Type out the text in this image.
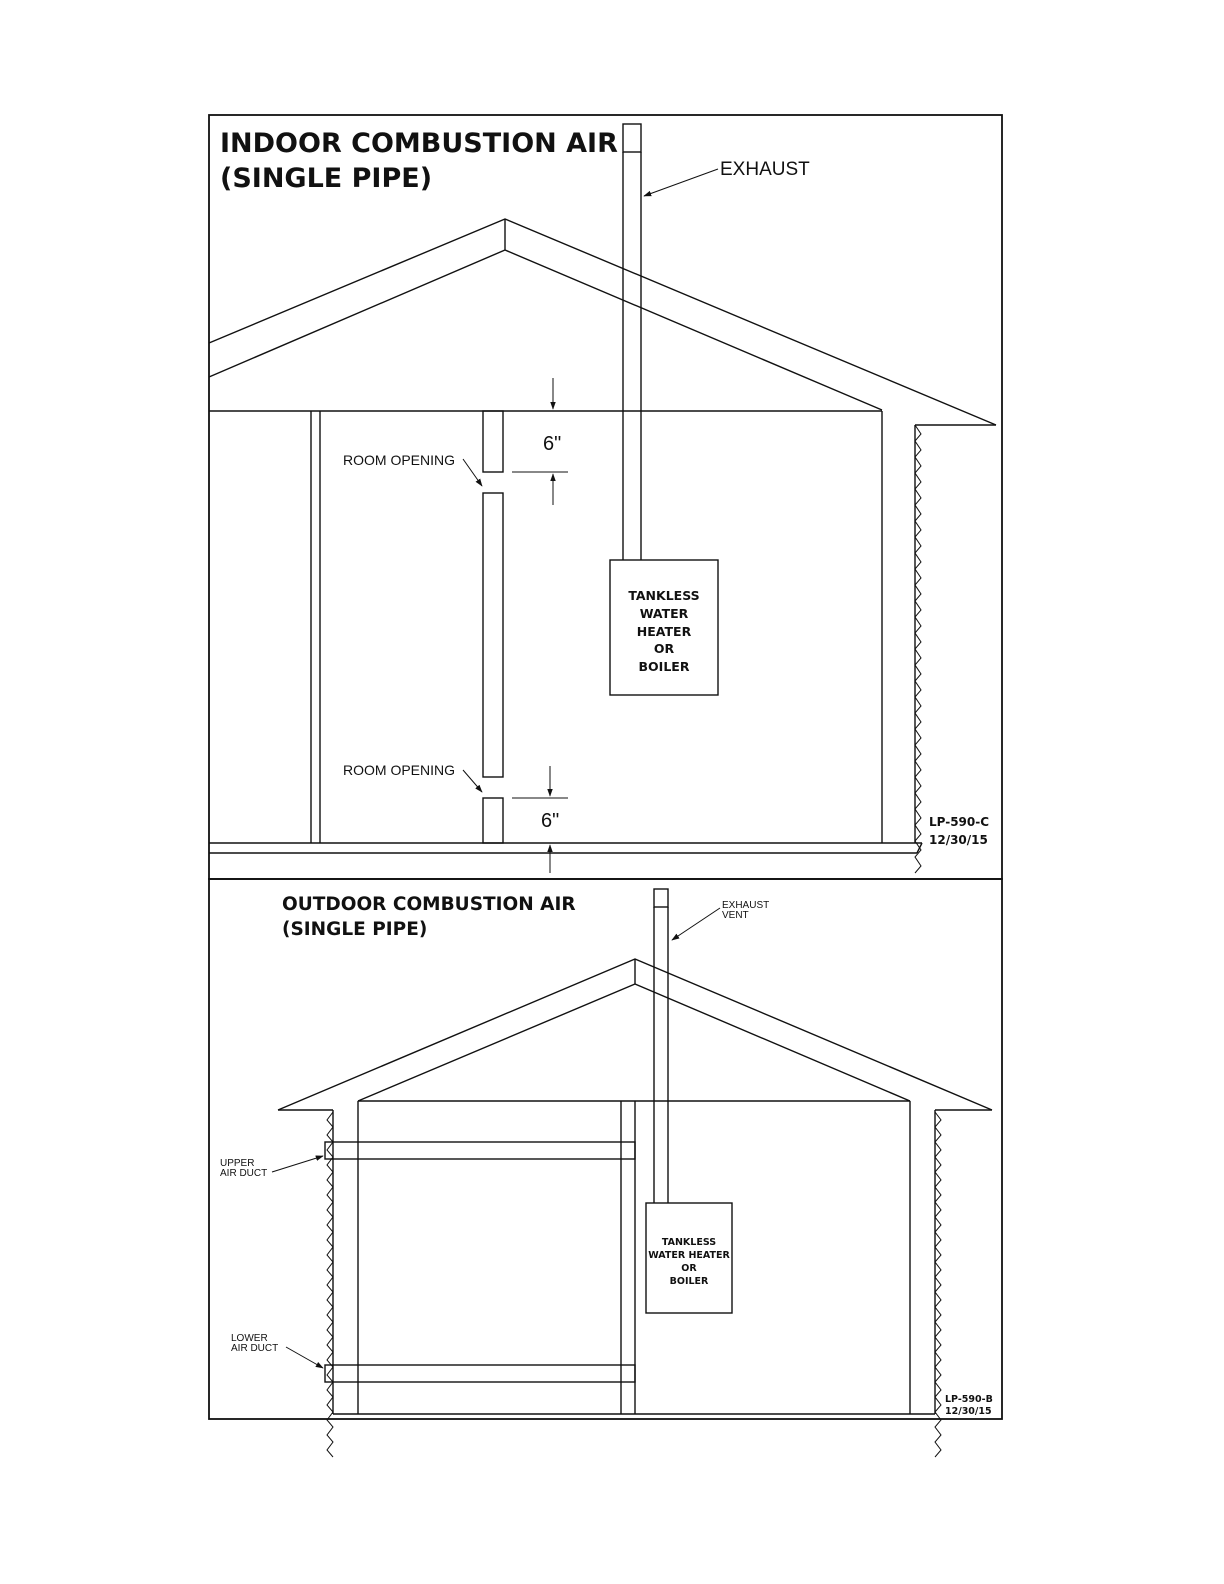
INDOOR COMBUSTION AIR
(SINGLE PIPE)	EXHAUST
ROOM OPENING
ROOM OPENING
6"
6"
TANKLESS
WATER
HEATER
OR
BOILER
LP-590-C
12/30/15
OUTDOOR COMBUSTION AIR
(SINGLE PIPE)
EXHAUST
VENT
UPPER
AIR DUCT
LOWER
AIR DUCT
TANKLESS
WATER HEATER
OR
BOILER
LP-590-B
12/30/15
